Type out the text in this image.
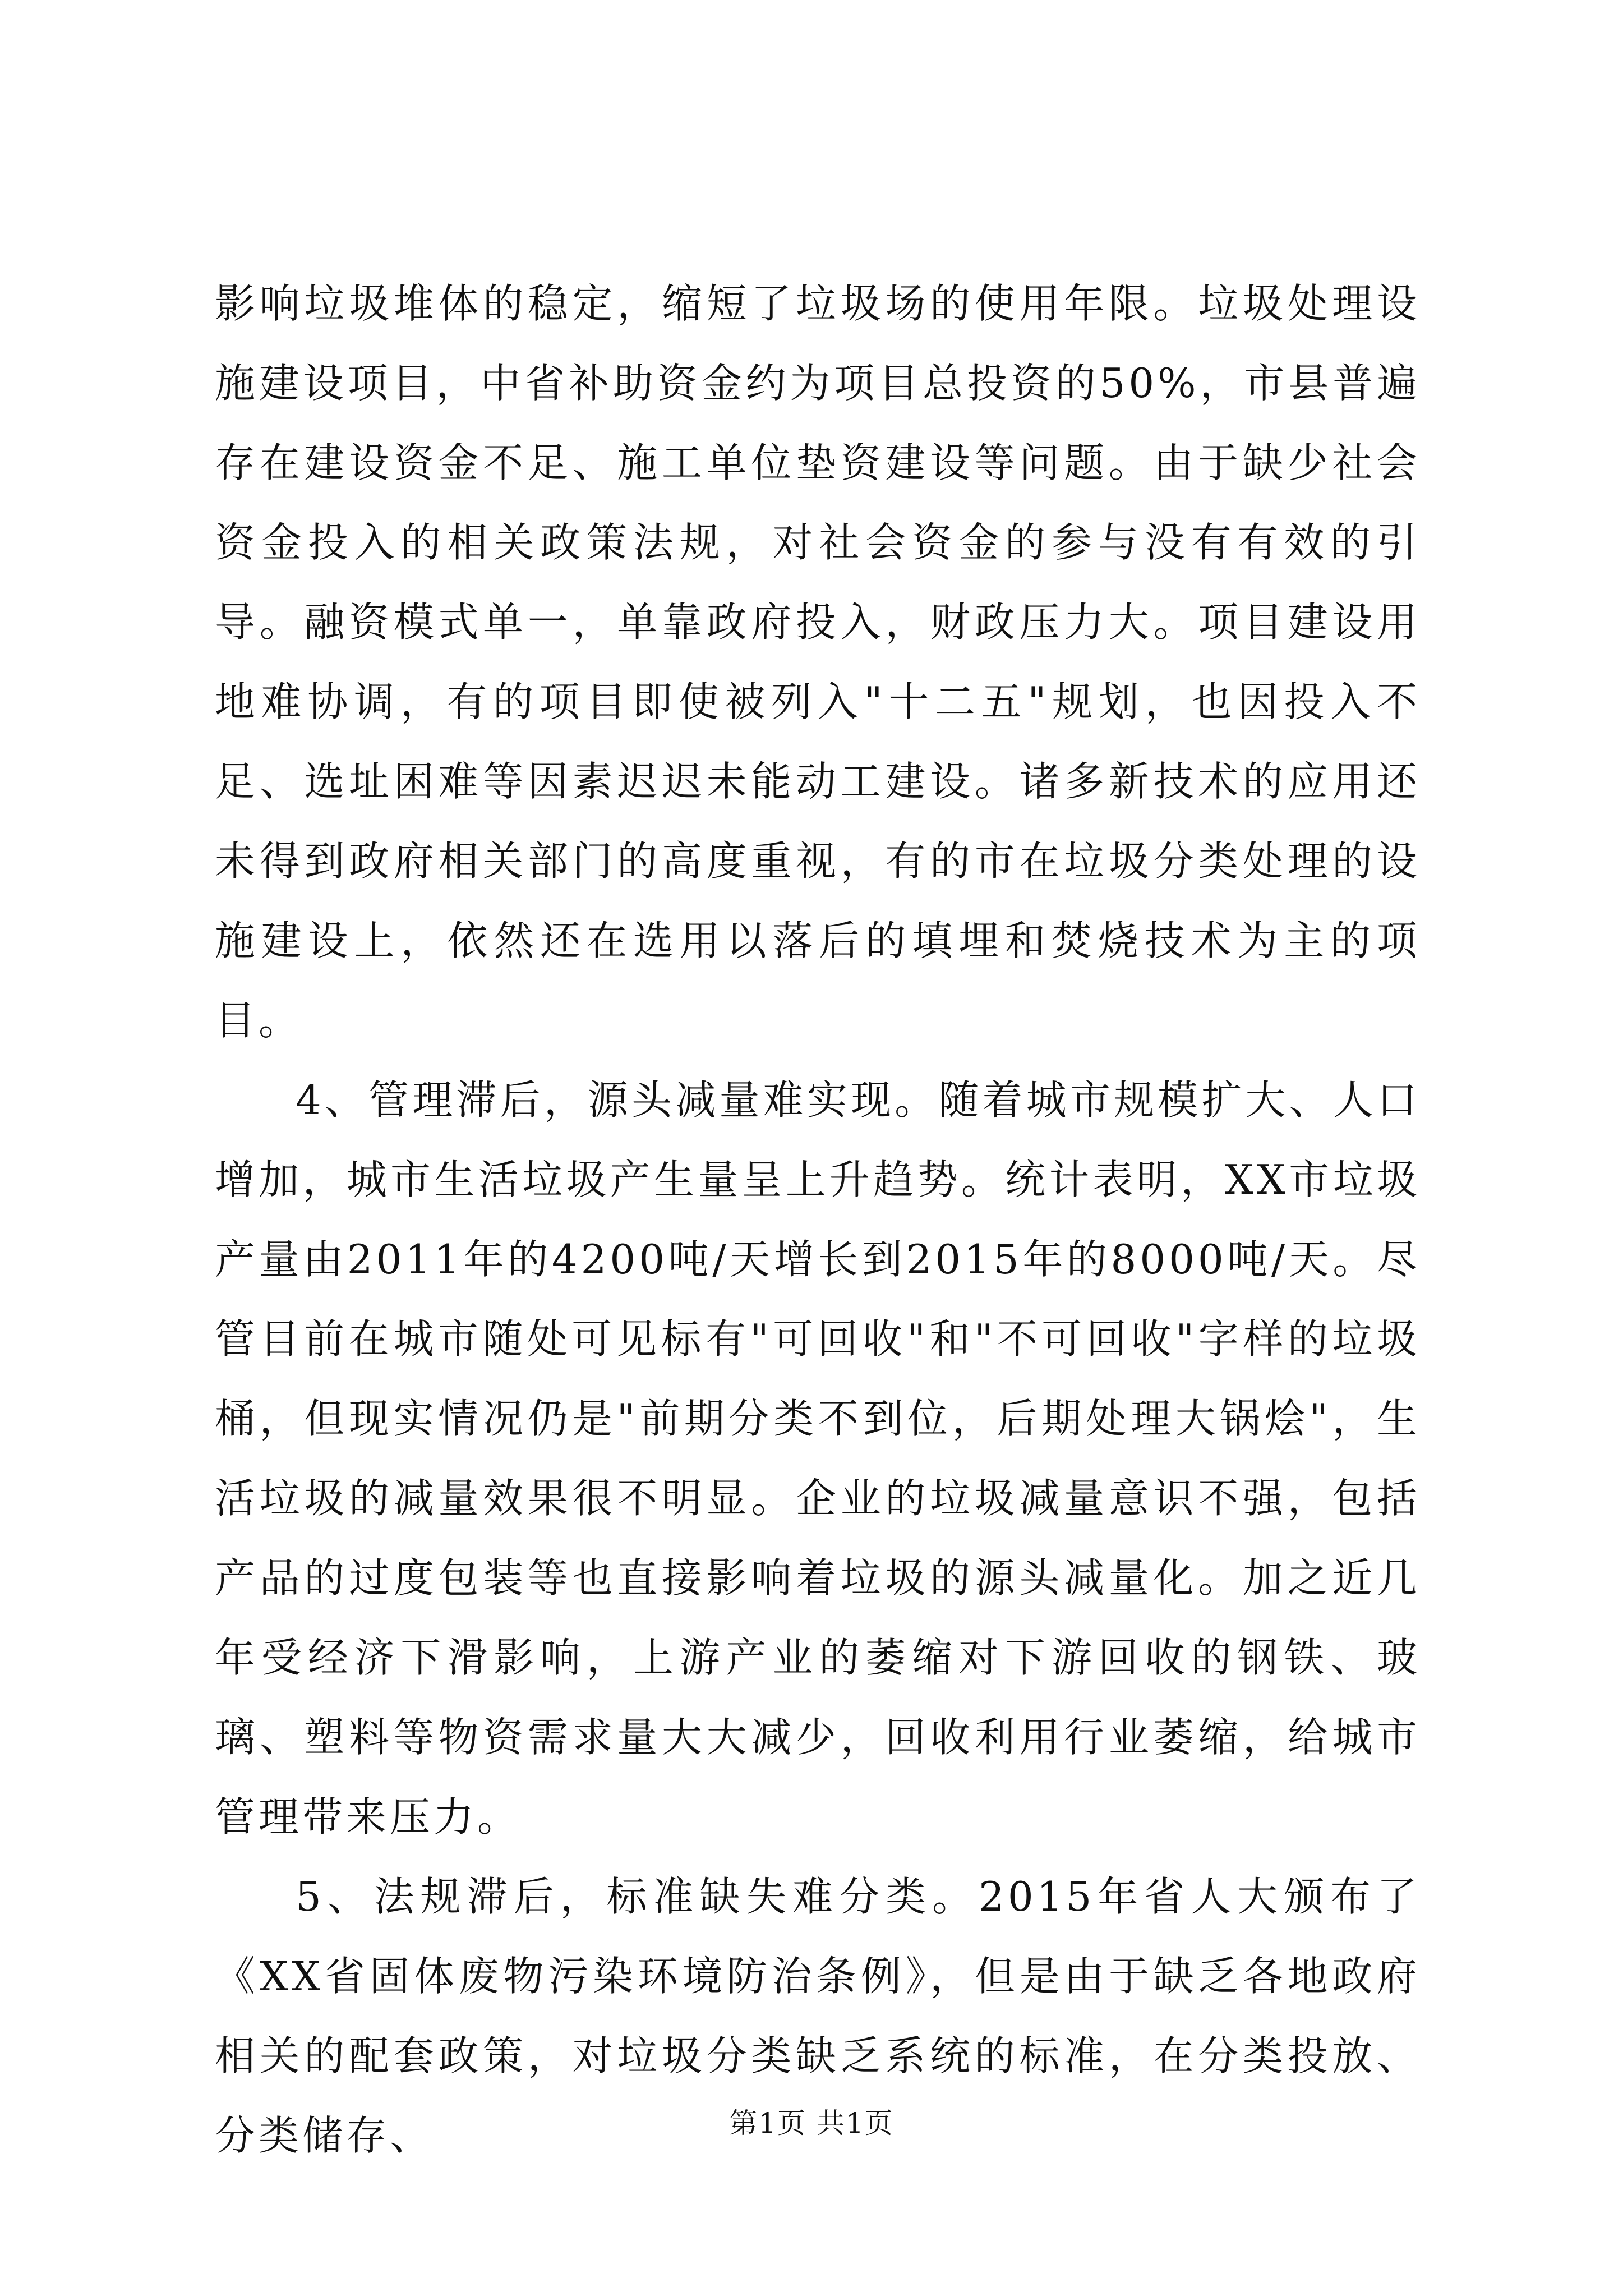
影响垃圾堆体的稳定，缩短了垃圾场的使用年限。垃圾处理设施建设项目，中省补助资金约为项目总投资的50%，市县普遍存在建设资金不足、施工单位垫资建设等问题。由于缺少社会资金投入的相关政策法规，对社会资金的参与没有有效的引导。融资模式单一，单靠政府投入，财政压力大。项目建设用地难协调，有的项目即使被列入"十二五"规划，也因投入不足、选址困难等因素迟迟未能动工建设。诸多新技术的应用还未得到政府相关部门的高度重视，有的市在垃圾分类处理的设施建设上，依然还在选用以落后的填埋和焚烧技术为主的项目。

4、管理滞后，源头减量难实现。随着城市规模扩大、人口增加，城市生活垃圾产生量呈上升趋势。统计表明，XX市垃圾产量由2011年的4200吨/天增长到2015年的8000吨/天。尽管目前在城市随处可见标有"可回收"和"不可回收"字样的垃圾桶，但现实情况仍是"前期分类不到位，后期处理大锅烩"，生活垃圾的减量效果很不明显。企业的垃圾减量意识不强，包括产品的过度包装等也直接影响着垃圾的源头减量化。加之近几年受经济下滑影响，上游产业的萎缩对下游回收的钢铁、玻璃、塑料等物资需求量大大减少，回收利用行业萎缩，给城市管理带来压力。

5、法规滞后，标准缺失难分类。2015年省人大颁布了《XX省固体废物污染环境防治条例》，但是由于缺乏各地政府相关的配套政策，对垃圾分类缺乏系统的标准，在分类投放、分类储存、	第1页 共1页
